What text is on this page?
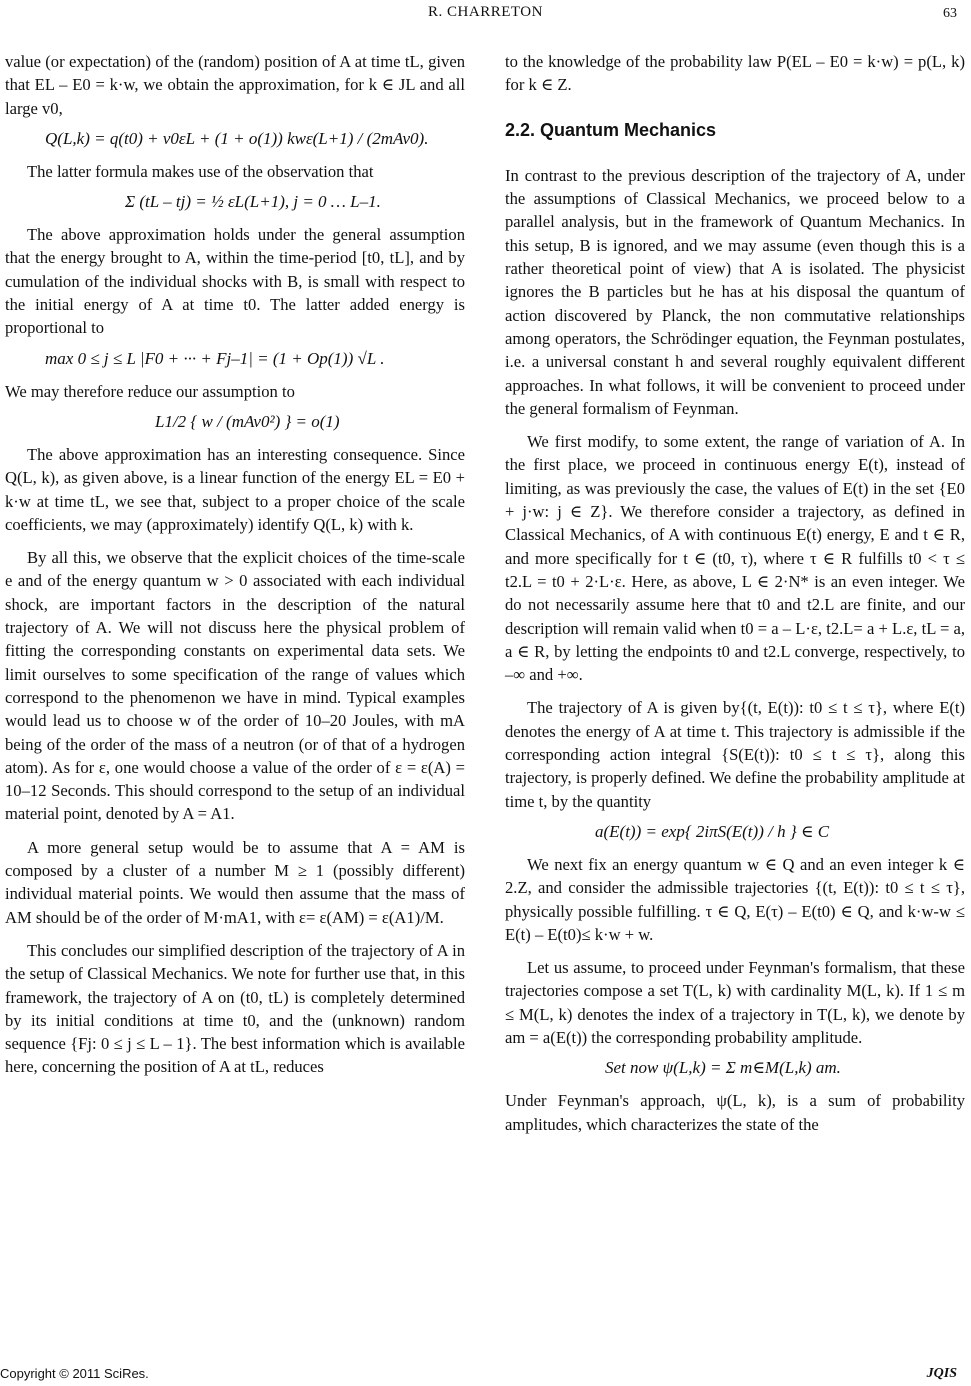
R. CHARRETON	63

value (or expectation) of the (random) position of A at time tL, given that EL – E0 = k·w, we obtain the approximation, for k ∈ JL and all large v0,

Q(L,k) = q(t0) + v0εL + (1 + o(1)) kwε(L+1) / (2mAv0).

The latter formula makes use of the observation that

Σ (tL – tj) = ½ εL(L+1), j = 0 … L–1.

The above approximation holds under the general assumption that the energy brought to A, within the time-period [t0, tL], and by cumulation of the individual shocks with B, is small with respect to the initial energy of A at time t0. The latter added energy is proportional to

max 0 ≤ j ≤ L |F0 + ··· + Fj–1| = (1 + Op(1)) √L .

We may therefore reduce our assumption to

L1/2 { w / (mAv0²) } = o(1)

The above approximation has an interesting consequence. Since Q(L, k), as given above, is a linear function of the energy EL = E0 + k·w at time tL, we see that, subject to a proper choice of the scale coefficients, we may (approximately) identify Q(L, k) with k.

By all this, we observe that the explicit choices of the time-scale e and of the energy quantum w > 0 associated with each individual shock, are important factors in the description of the natural trajectory of A. We will not discuss here the physical problem of fitting the corresponding constants on experimental data sets. We limit ourselves to some specification of the range of values which correspond to the phenomenon we have in mind. Typical examples would lead us to choose w of the order of 10–20 Joules, with mA being of the order of the mass of a neutron (or of that of a hydrogen atom). As for ε, one would choose a value of the order of ε = ε(A) = 10–12 Seconds. This should correspond to the setup of an individual material point, denoted by A = A1.

A more general setup would be to assume that A = AM is composed by a cluster of a number M ≥ 1 (possibly different) individual material points. We would then assume that the mass of AM should be of the order of M·mA1, with ε= ε(AM) = ε(A1)/M.

This concludes our simplified description of the trajectory of A in the setup of Classical Mechanics. We note for further use that, in this framework, the trajectory of A on (t0, tL) is completely determined by its initial conditions at time t0, and the (unknown) random sequence {Fj: 0 ≤ j ≤ L – 1}. The best information which is available here, concerning the position of A at tL, reduces

to the knowledge of the probability law P(EL – E0 = k·w) = p(L, k) for k ∈ Z.

2.2. Quantum Mechanics

In contrast to the previous description of the trajectory of A, under the assumptions of Classical Mechanics, we proceed below to a parallel analysis, but in the framework of Quantum Mechanics. In this setup, B is ignored, and we may assume (even though this is a rather theoretical point of view) that A is isolated. The physicist ignores the B particles but he has at his disposal the quantum of action discovered by Planck, the non commutative relationships among operators, the Schrödinger equation, the Feynman postulates, i.e. a universal constant h and several roughly equivalent different approaches. In what follows, it will be convenient to proceed under the general formalism of Feynman.

We first modify, to some extent, the range of variation of A. In the first place, we proceed in continuous energy E(t), instead of limiting, as was previously the case, the values of E(t) in the set {E0 + j·w: j ∈ Z}. We therefore consider a trajectory, as defined in Classical Mechanics, of A with continuous E(t) energy, E and t ∈ R, and more specifically for t ∈ (t0, τ), where τ ∈ R fulfills t0 < τ ≤ t2.L = t0 + 2·L·ε. Here, as above, L ∈ 2·N* is an even integer. We do not necessarily assume here that t0 and t2.L are finite, and our description will remain valid when t0 = a – L·ε, t2.L= a + L.ε, tL = a, a ∈ R, by letting the endpoints t0 and t2.L converge, respectively, to –∞ and +∞.

The trajectory of A is given by{(t, E(t)): t0 ≤ t ≤ τ}, where E(t) denotes the energy of A at time t. This trajectory is admissible if the corresponding action integral {S(E(t)): t0 ≤ t ≤ τ}, along this trajectory, is properly defined. We define the probability amplitude at time t, by the quantity

a(E(t)) = exp{ 2iπS(E(t)) / h } ∈ C

We next fix an energy quantum w ∈ Q and an even integer k ∈ 2.Z, and consider the admissible trajectories {(t, E(t)): t0 ≤ t ≤ τ}, physically possible fulfilling. τ ∈ Q, E(τ) – E(t0) ∈ Q, and k·w-w ≤ E(t) – E(t0)≤ k·w + w.

Let us assume, to proceed under Feynman's formalism, that these trajectories compose a set T(L, k) with cardinality M(L, k). If 1 ≤ m ≤ M(L, k) denotes the index of a trajectory in T(L, k), we denote by am = a(E(t)) the corresponding probability amplitude.

Set now ψ(L,k) = Σ m∈M(L,k) am.

Under Feynman's approach, ψ(L, k), is a sum of probability amplitudes, which characterizes the state of the

Copyright © 2011 SciRes.	JQIS
